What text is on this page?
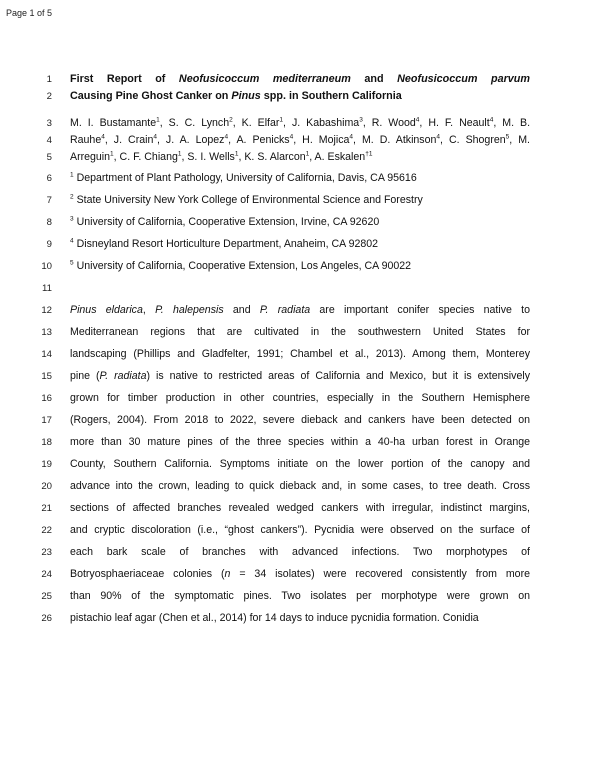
Page 1 of 5
1 First Report of Neofusicoccum mediterraneum and Neofusicoccum parvum
2 Causing Pine Ghost Canker on Pinus spp. in Southern California
3 M. I. Bustamante$^1$, S. C. Lynch$^2$, K. Elfar$^1$, J. Kabashima$^3$, R. Wood$^4$, H. F. Neault$^4$, M. B.
4 Rauhe$^4$, J. Crain$^4$, J. A. Lopez$^4$, A. Penicks$^4$, H. Mojica$^4$, M. D. Atkinson$^4$, C. Shogren$^5$, M.
5 Arreguin$^1$, C. F. Chiang$^1$, S. I. Wells$^1$, K. S. Alarcon$^1$, A. Eskalen$^{\dagger 1}$
6	$^1$ Department of Plant Pathology, University of California, Davis, CA 95616
7	$^2$ State University New York College of Environmental Science and Forestry
8	$^3$ University of California, Cooperative Extension, Irvine, CA 92620
9	$^4$ Disneyland Resort Horticulture Department, Anaheim, CA 92802
10	$^5$ University of California, Cooperative Extension, Los Angeles, CA 90022
11
12 Pinus eldarica, P. halepensis and P. radiata are important conifer species native to
13 Mediterranean regions that are cultivated in the southwestern United States for
14 landscaping (Phillips and Gladfelter, 1991; Chambel et al., 2013). Among them, Monterey
15 pine (P. radiata) is native to restricted areas of California and Mexico, but it is extensively
16 grown for timber production in other countries, especially in the Southern Hemisphere
17 (Rogers, 2004). From 2018 to 2022, severe dieback and cankers have been detected on
18 more than 30 mature pines of the three species within a 40-ha urban forest in Orange
19 County, Southern California. Symptoms initiate on the lower portion of the canopy and
20 advance into the crown, leading to quick dieback and, in some cases, to tree death. Cross
21 sections of affected branches revealed wedged cankers with irregular, indistinct margins,
22 and cryptic discoloration (i.e., “ghost cankers”). Pycnidia were observed on the surface of
23 each bark scale of branches with advanced infections. Two morphotypes of
24 Botryosphaeriaceae colonies (n = 34 isolates) were recovered consistently from more
25 than 90% of the symptomatic pines. Two isolates per morphotype were grown on
26 pistachio leaf agar (Chen et al., 2014) for 14 days to induce pycnidia formation. Conidia
